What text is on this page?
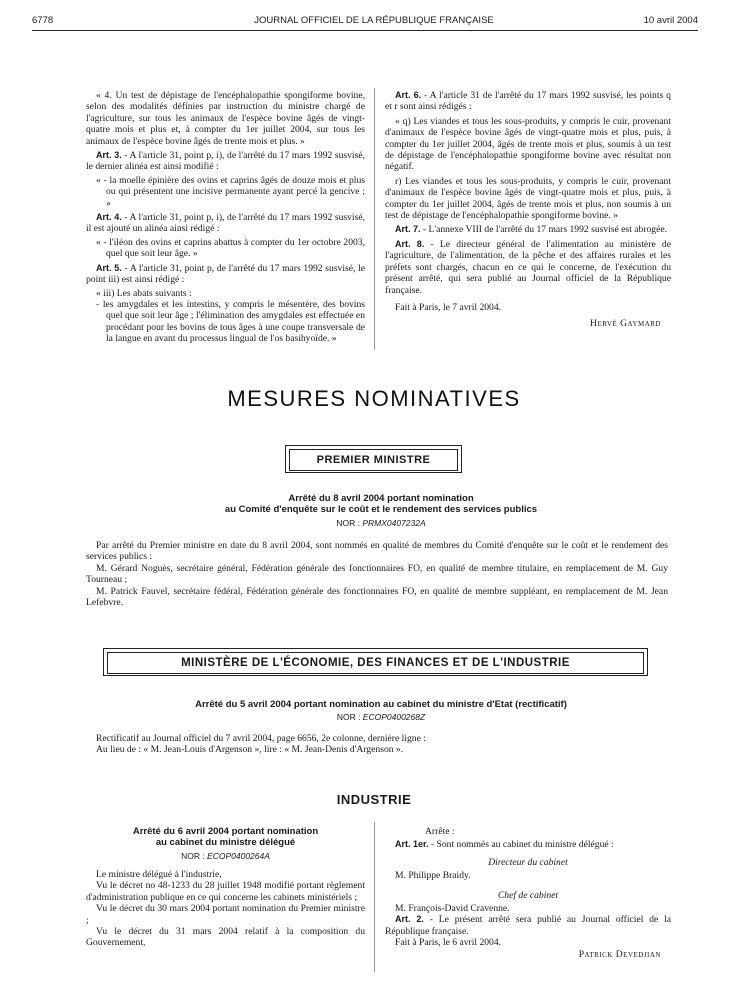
6778	JOURNAL OFFICIEL DE LA RÉPUBLIQUE FRANÇAISE	10 avril 2004

« 4. Un test de dépistage de l'encéphalopathie spongiforme bovine, selon des modalités définies par instruction du ministre chargé de l'agriculture, sur tous les animaux de l'espèce bovine âgés de vingt-quatre mois et plus et, à compter du 1er juillet 2004, sur tous les animaux de l'espèce bovine âgés de trente mois et plus. »

Art. 3. - A l'article 31, point p, i), de l'arrêté du 17 mars 1992 susvisé, le dernier alinéa est ainsi modifié :

« - la moelle épinière des ovins et caprins âgés de douze mois et plus ou qui présentent une incisive permanente ayant percé la gencive ; »

Art. 4. - A l'article 31, point p, i), de l'arrêté du 17 mars 1992 susvisé, il est ajouté un alinéa ainsi rédigé :

« - l'iléon des ovins et caprins abattus à compter du 1er octobre 2003, quel que soit leur âge. »

Art. 5. - A l'article 31, point p, de l'arrêté du 17 mars 1992 susvisé, le point iii) est ainsi rédigé :

« iii) Les abats suivants :

- les amygdales et les intestins, y compris le mésentère, des bovins quel que soit leur âge ; l'élimination des amygdales est effectuée en procédant pour les bovins de tous âges à une coupe transversale de la langue en avant du processus lingual de l'os basihyoïde. »

Art. 6. - A l'article 31 de l'arrêté du 17 mars 1992 susvisé, les points q et r sont ainsi rédigés :

« q) Les viandes et tous les sous-produits, y compris le cuir, provenant d'animaux de l'espèce bovine âgés de vingt-quatre mois et plus, puis, à compter du 1er juillet 2004, âgés de trente mois et plus, soumis à un test de dépistage de l'encéphalopathie spongiforme bovine avec résultat non négatif.

r) Les viandes et tous les sous-produits, y compris le cuir, provenant d'animaux de l'espèce bovine âgés de vingt-quatre mois et plus, puis, à compter du 1er juillet 2004, âgés de trente mois et plus, non soumis à un test de dépistage de l'encéphalopathie spongiforme bovine. »

Art. 7. - L'annexe VIII de l'arrêté du 17 mars 1992 susvisé est abrogée.

Art. 8. - Le directeur général de l'alimentation au ministère de l'agriculture, de l'alimentation, de la pêche et des affaires rurales et les préfets sont chargés, chacun en ce qui le concerne, de l'exécution du présent arrêté, qui sera publié au Journal officiel de la République française.

Fait à Paris, le 7 avril 2004.

Hervé Gaymard

MESURES NOMINATIVES
PREMIER MINISTRE
Arrêté du 8 avril 2004 portant nomination
au Comité d'enquête sur le coût et le rendement des services publics
NOR : PRMX0407232A

Par arrêté du Premier ministre en date du 8 avril 2004, sont nommés en qualité de membres du Comité d'enquête sur le coût et le rendement des services publics :

M. Gérard Noguès, secrétaire général, Fédération générale des fonctionnaires FO, en qualité de membre titulaire, en remplacement de M. Guy Tourneau ;

M. Patrick Fauvel, secrétaire fédéral, Fédération générale des fonctionnaires FO, en qualité de membre suppléant, en remplacement de M. Jean Lefebvre.

MINISTÈRE DE L'ÉCONOMIE, DES FINANCES ET DE L'INDUSTRIE
Arrêté du 5 avril 2004 portant nomination au cabinet du ministre d'Etat (rectificatif)
NOR : ECOP0400268Z

Rectificatif au Journal officiel du 7 avril 2004, page 6656, 2e colonne, dernière ligne :

Au lieu de : « M. Jean-Louis d'Argenson », lire : « M. Jean-Denis d'Argenson ».

INDUSTRIE
Arrêté du 6 avril 2004 portant nomination
au cabinet du ministre délégué
NOR : ECOP0400264A

Le ministre délégué à l'industrie,

Vu le décret no 48-1233 du 28 juillet 1948 modifié portant règlement d'administration publique en ce qui concerne les cabinets ministériels ;

Vu le décret du 30 mars 2004 portant nomination du Premier ministre ;

Vu le décret du 31 mars 2004 relatif à la composition du Gouvernement,

Arrête :

Art. 1er. - Sont nommés au cabinet du ministre délégué :

Directeur du cabinet

M. Philippe Braidy.

Chef de cabinet

M. François-David Cravenne.

Art. 2. - Le présent arrêté sera publié au Journal officiel de la République française.

Fait à Paris, le 6 avril 2004.

Patrick Devedjian
